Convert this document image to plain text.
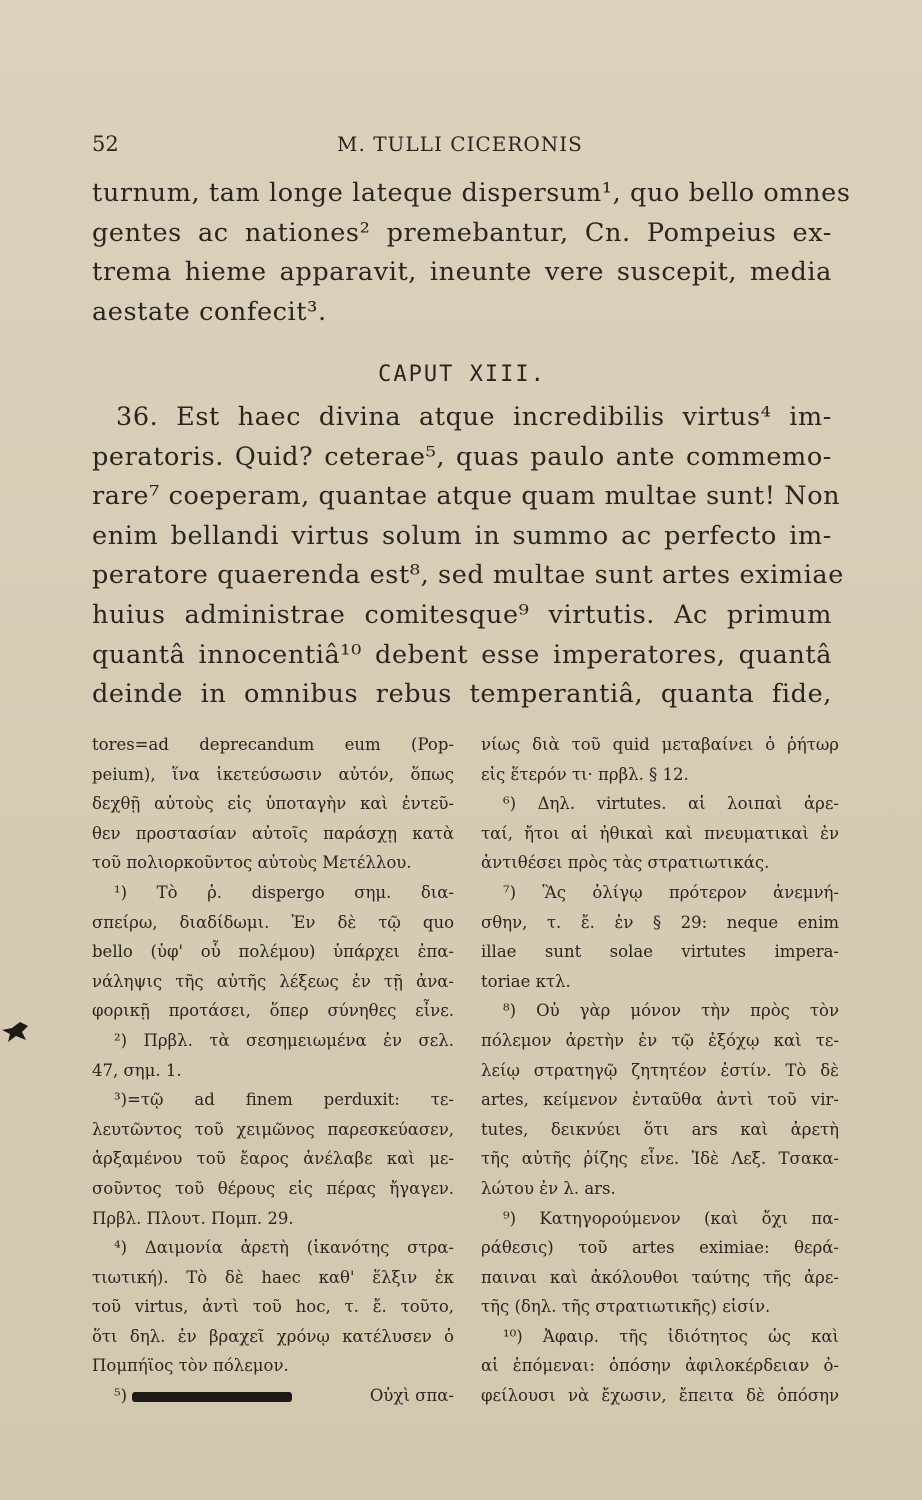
52	M. TULLI CICERONIS
turnum, tam longe lateque dispersum¹, quo bello omnes
gentes ac nationes² premebantur, Cn. Pompeius ex-
trema hieme apparavit, ineunte vere suscepit, media
aestate confecit³.
CAPUT XIII.
36. Est haec divina atque incredibilis virtus⁴ im-
peratoris. Quid? ceterae⁵, quas paulo ante commemo-
rare⁷ coeperam, quantae atque quam multae sunt! Non
enim bellandi virtus solum in summo ac perfecto im-
peratore quaerenda est⁸, sed multae sunt artes eximiae
huius administrae comitesque⁹ virtutis. Ac primum
quantâ innocentiâ¹⁰ debent esse imperatores, quantâ
deinde in omnibus rebus temperantiâ, quanta fide,
tores=ad deprecandum eum (Pop-
peium), ἵνα ἱκετεύσωσιν αὐτόν, ὅπως
δεχθῇ αὐτοὺς εἰς ὑποταγὴν καὶ ἐντεῦ-
θεν προστασίαν αὐτοῖς παράσχῃ κατὰ
τοῦ πολιορκοῦντος αὐτοὺς Μετέλλου.
¹) Τὸ ῥ. dispergo σημ. δια-
σπείρω, διαδίδωμι. Ἐν δὲ τῷ quo
bello (ὑφ' οὗ πολέμου) ὑπάρχει ἐπα-
νάληψις τῆς αὐτῆς λέξεως ἐν τῇ ἀνα-
φορικῇ προτάσει, ὅπερ σύνηθες εἶνε.
²) Πρβλ. τὰ σεσημειωμένα ἐν σελ.
47, σημ. 1.
³)=τῷ ad finem perduxit: τε-
λευτῶντος τοῦ χειμῶνος παρεσκεύασεν,
ἀρξαμένου τοῦ ἔαρος ἀνέλαβε καὶ με-
σοῦντος τοῦ θέρους εἰς πέρας ἤγαγεν.
Πρβλ. Πλουτ. Πομπ. 29.
⁴) Δαιμονία ἀρετὴ (ἱκανότης στρα-
τιωτική). Τὸ δὲ haec καθ' ἕλξιν ἐκ
τοῦ virtus, ἀντὶ τοῦ hoc, τ. ἔ. τοῦτο,
ὅτι δηλ. ἐν βραχεῖ χρόνῳ κατέλυσεν ὁ
Πομπήϊος τὸν πόλεμον.
⁵)	Οὐχὶ σπα-
νίως διὰ τοῦ quid μεταβαίνει ὁ ῥήτωρ
εἰς ἕτερόν τι· πρβλ. § 12.
⁶) Δηλ. virtutes. αἱ λοιπαὶ ἀρε-
ταί, ἤτοι αἱ ἠθικαὶ καὶ πνευματικαὶ ἐν
ἀντιθέσει πρὸς τὰς στρατιωτικάς.
⁷) Ἃς ὀλίγῳ πρότερον ἀνεμνή-
σθην, τ. ἔ. ἐν § 29: neque enim
illae sunt solae virtutes impera-
toriae κτλ.
⁸) Οὐ γὰρ μόνον τὴν πρὸς τὸν
πόλεμον ἀρετὴν ἐν τῷ ἐξόχῳ καὶ τε-
λείῳ στρατηγῷ ζητητέον ἐστίν. Τὸ δὲ
artes, κείμενον ἐνταῦθα ἀντὶ τοῦ vir-
tutes, δεικνύει ὅτι ars καὶ ἀρετὴ
τῆς αὐτῆς ῥίζης εἶνε. Ἰδὲ Λεξ. Τσακα-
λώτου ἐν λ. ars.
⁹) Κατηγορούμενον (καὶ ὄχι πα-
ράθεσις) τοῦ artes eximiae: θερά-
παιναι καὶ ἀκόλουθοι ταύτης τῆς ἀρε-
τῆς (δηλ. τῆς στρατιωτικῆς) εἰσίν.
¹⁰) Ἀφαιρ. τῆς ἰδιότητος ὡς καὶ
αἱ ἑπόμεναι: ὁπόσην ἀφιλοκέρδειαν ὀ-
φείλουσι νὰ ἔχωσιν, ἔπειτα δὲ ὁπόσην
